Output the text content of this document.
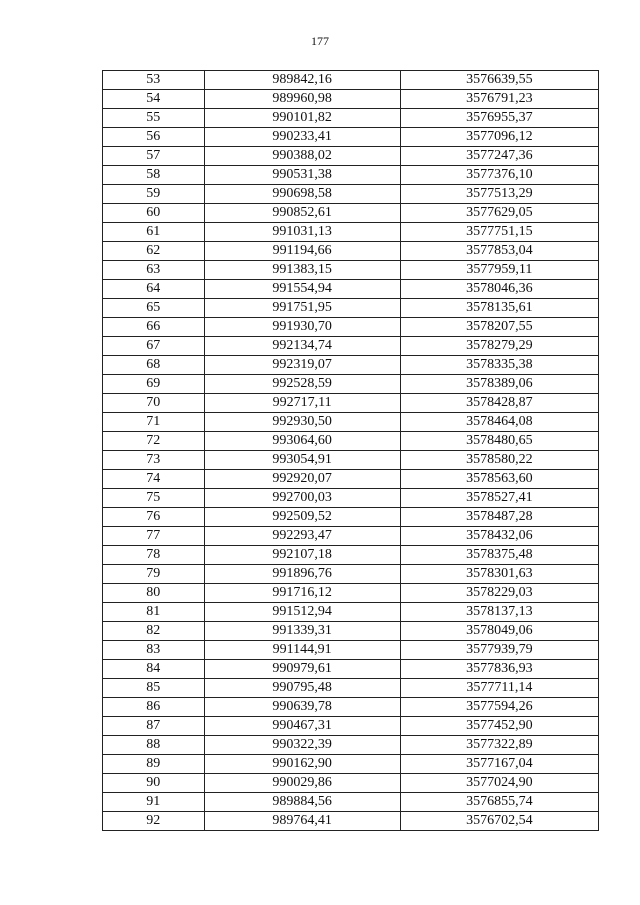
177
53	989842,16	3576639,55
54	989960,98	3576791,23
55	990101,82	3576955,37
56	990233,41	3577096,12
57	990388,02	3577247,36
58	990531,38	3577376,10
59	990698,58	3577513,29
60	990852,61	3577629,05
61	991031,13	3577751,15
62	991194,66	3577853,04
63	991383,15	3577959,11
64	991554,94	3578046,36
65	991751,95	3578135,61
66	991930,70	3578207,55
67	992134,74	3578279,29
68	992319,07	3578335,38
69	992528,59	3578389,06
70	992717,11	3578428,87
71	992930,50	3578464,08
72	993064,60	3578480,65
73	993054,91	3578580,22
74	992920,07	3578563,60
75	992700,03	3578527,41
76	992509,52	3578487,28
77	992293,47	3578432,06
78	992107,18	3578375,48
79	991896,76	3578301,63
80	991716,12	3578229,03
81	991512,94	3578137,13
82	991339,31	3578049,06
83	991144,91	3577939,79
84	990979,61	3577836,93
85	990795,48	3577711,14
86	990639,78	3577594,26
87	990467,31	3577452,90
88	990322,39	3577322,89
89	990162,90	3577167,04
90	990029,86	3577024,90
91	989884,56	3576855,74
92	989764,41	3576702,54
